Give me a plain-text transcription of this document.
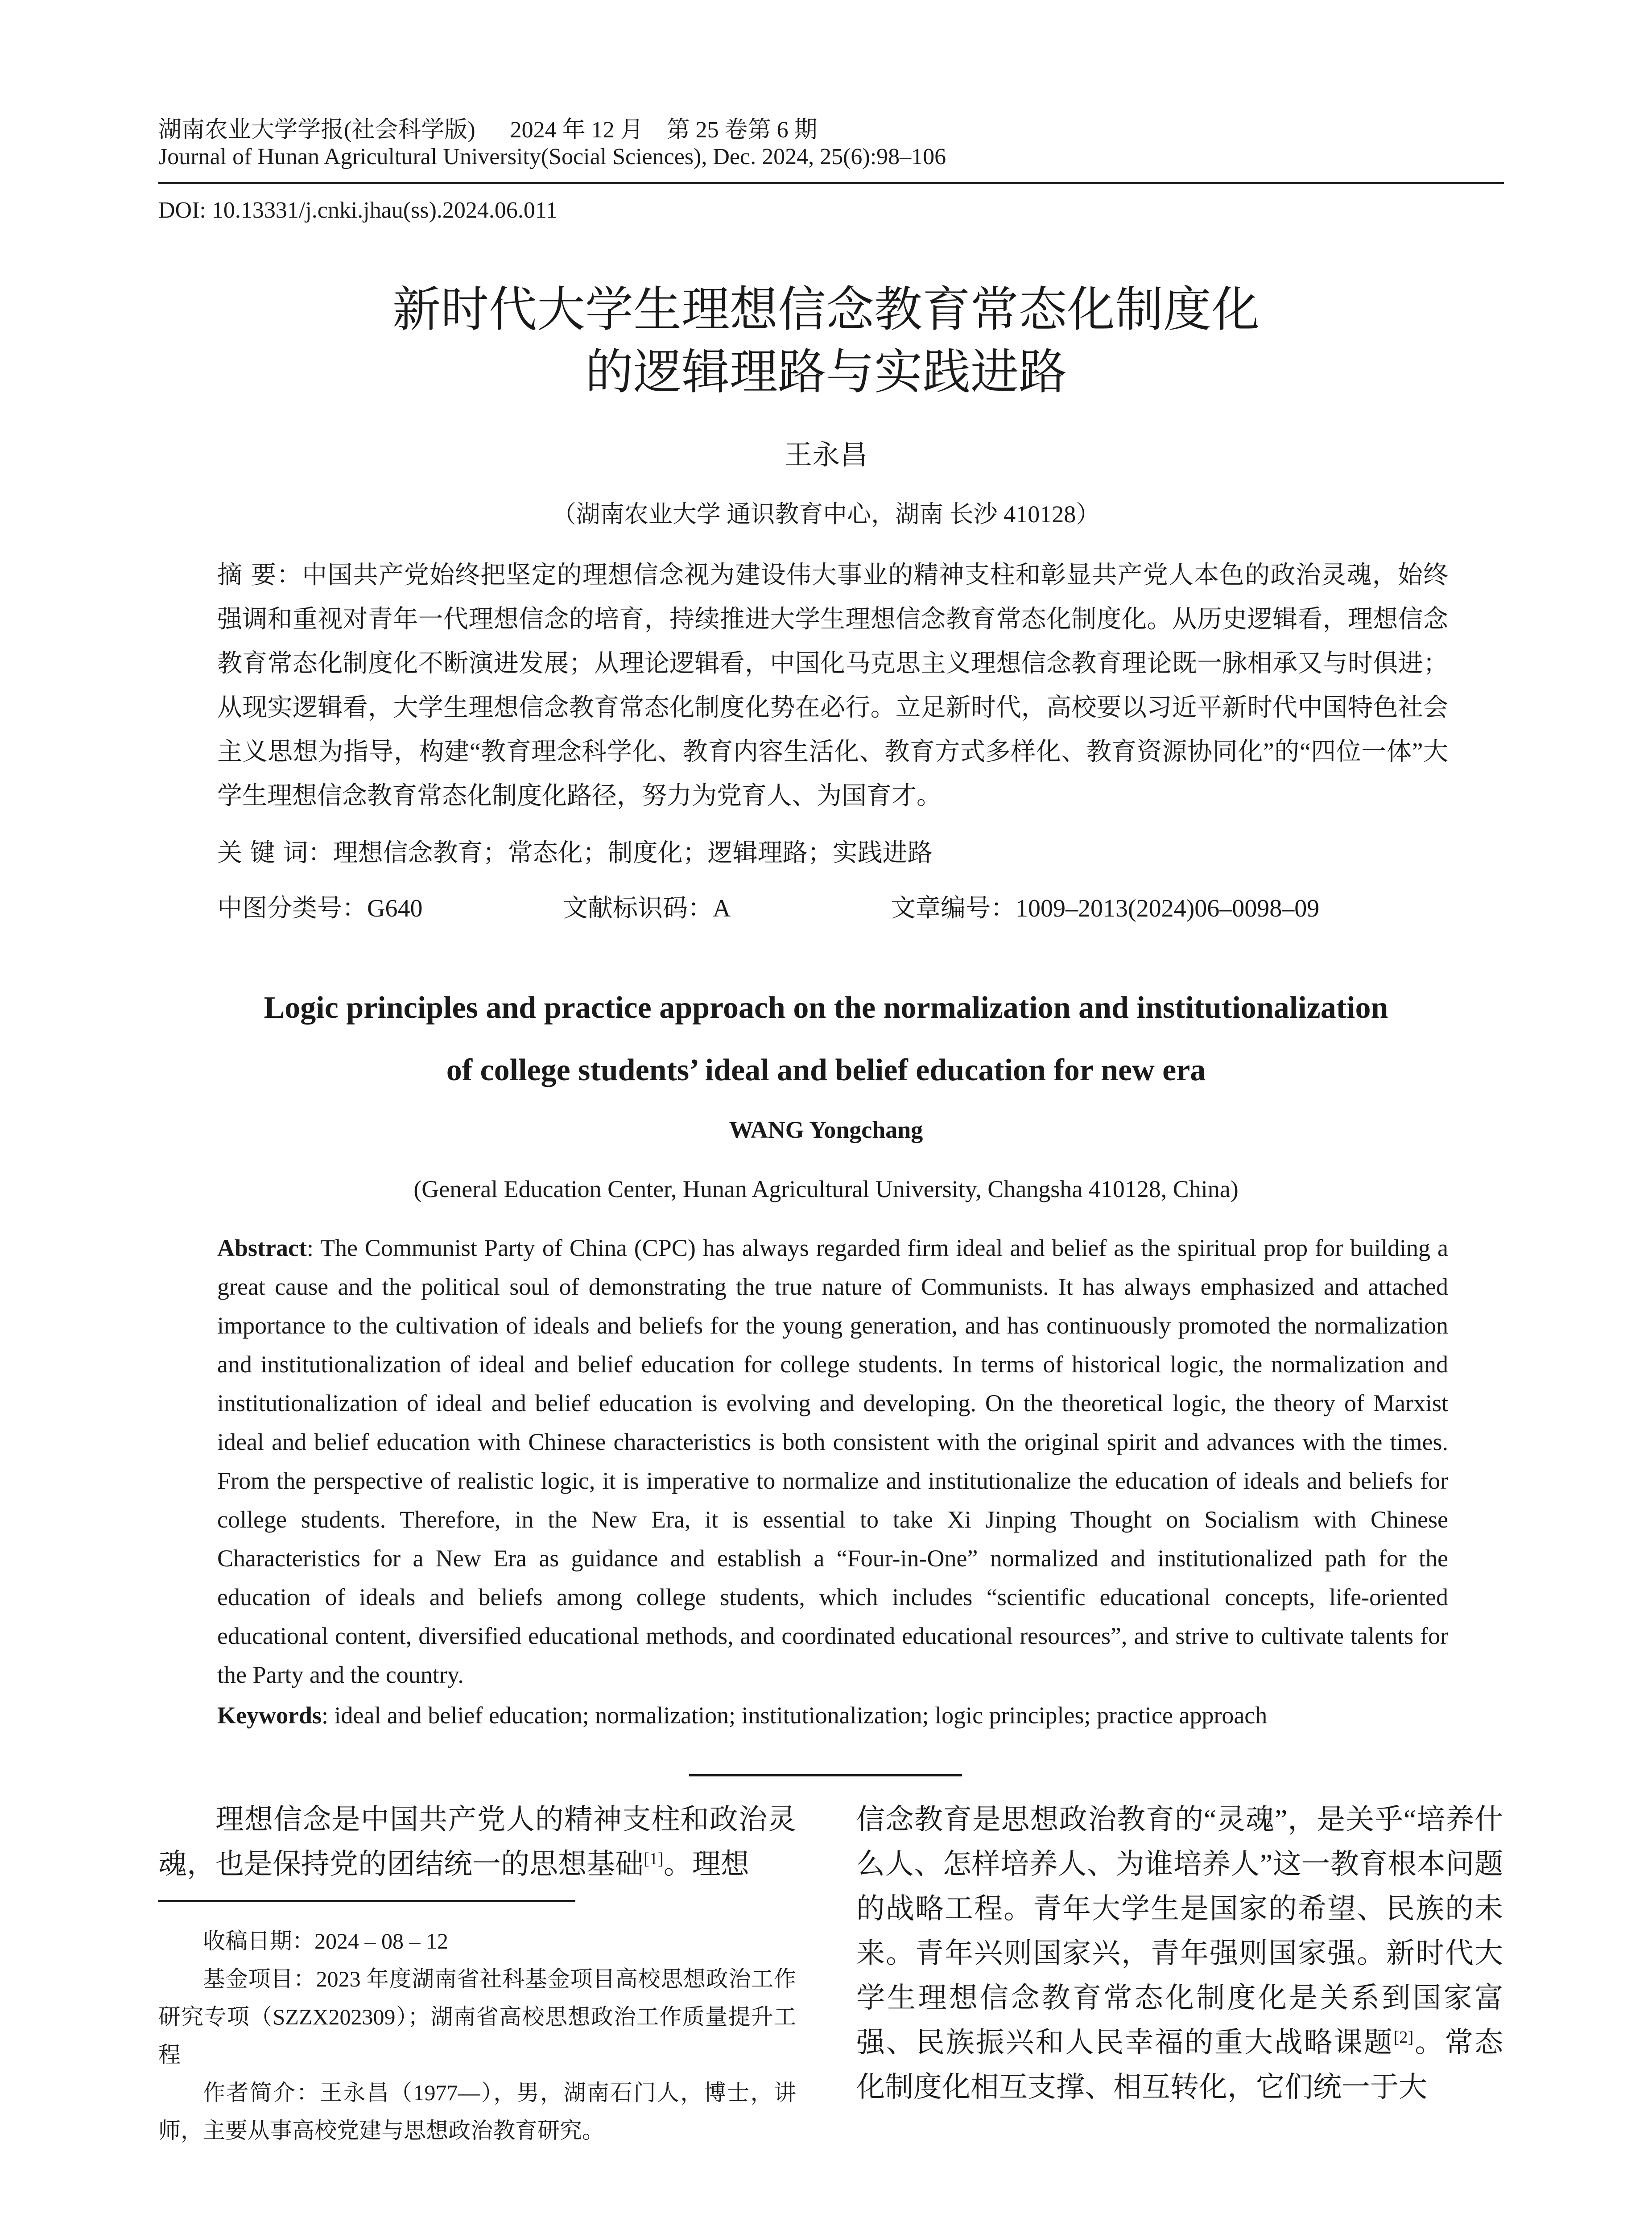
湖南农业大学学报(社会科学版)      2024 年 12 月    第 25 卷第 6 期
Journal of Hunan Agricultural University(Social Sciences), Dec. 2024, 25(6):98–106
DOI: 10.13331/j.cnki.jhau(ss).2024.06.011
新时代大学生理想信念教育常态化制度化
的逻辑理路与实践进路
王永昌
（湖南农业大学 通识教育中心，湖南 长沙 410128）
摘 要：中国共产党始终把坚定的理想信念视为建设伟大事业的精神支柱和彰显共产党人本色的政治灵魂，始终强调和重视对青年一代理想信念的培育，持续推进大学生理想信念教育常态化制度化。从历史逻辑看，理想信念教育常态化制度化不断演进发展；从理论逻辑看，中国化马克思主义理想信念教育理论既一脉相承又与时俱进；从现实逻辑看，大学生理想信念教育常态化制度化势在必行。立足新时代，高校要以习近平新时代中国特色社会主义思想为指导，构建“教育理念科学化、教育内容生活化、教育方式多样化、教育资源协同化”的“四位一体”大学生理想信念教育常态化制度化路径，努力为党育人、为国育才。
关 键 词：理想信念教育；常态化；制度化；逻辑理路；实践进路
中图分类号：G640	文献标识码：A	文章编号：1009–2013(2024)06–0098–09
Logic principles and practice approach on the normalization and institutionalization
of college students’ ideal and belief education for new era
WANG Yongchang
(General Education Center, Hunan Agricultural University, Changsha 410128, China)
Abstract: The Communist Party of China (CPC) has always regarded firm ideal and belief as the spiritual prop for building a great cause and the political soul of demonstrating the true nature of Communists. It has always emphasized and attached importance to the cultivation of ideals and beliefs for the young generation, and has continuously promoted the normalization and institutionalization of ideal and belief education for college students. In terms of historical logic, the normalization and institutionalization of ideal and belief education is evolving and developing. On the theoretical logic, the theory of Marxist ideal and belief education with Chinese characteristics is both consistent with the original spirit and advances with the times. From the perspective of realistic logic, it is imperative to normalize and institutionalize the education of ideals and beliefs for college students. Therefore, in the New Era, it is essential to take Xi Jinping Thought on Socialism with Chinese Characteristics for a New Era as guidance and establish a “Four-in-One” normalized and institutionalized path for the education of ideals and beliefs among college students, which includes “scientific educational concepts, life-oriented educational content, diversified educational methods, and coordinated educational resources”, and strive to cultivate talents for the Party and the country.
Keywords: ideal and belief education; normalization; institutionalization; logic principles; practice approach
理想信念是中国共产党人的精神支柱和政治灵魂，也是保持党的团结统一的思想基础[1]。理想
信念教育是思想政治教育的“灵魂”，是关乎“培养什么人、怎样培养人、为谁培养人”这一教育根本问题的战略工程。青年大学生是国家的希望、民族的未来。青年兴则国家兴，青年强则国家强。新时代大学生理想信念教育常态化制度化是关系到国家富强、民族振兴和人民幸福的重大战略课题[2]。常态化制度化相互支撑、相互转化，它们统一于大

收稿日期：2024 – 08 – 12

基金项目：2023 年度湖南省社科基金项目高校思想政治工作研究专项（SZZX202309）；湖南省高校思想政治工作质量提升工程

作者简介：王永昌（1977—），男，湖南石门人，博士，讲师，主要从事高校党建与思想政治教育研究。
